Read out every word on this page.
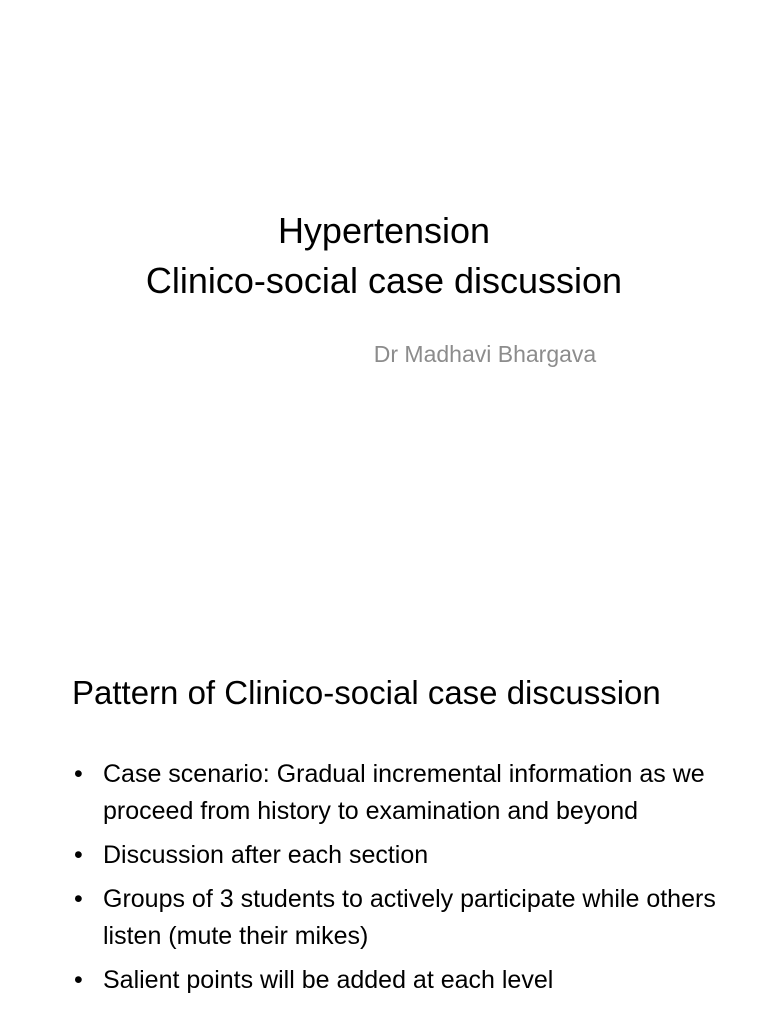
Hypertension
Clinico-social case discussion
Dr Madhavi Bhargava
Pattern of Clinico-social case discussion
• Case scenario: Gradual incremental information as we proceed from history to examination and beyond
• Discussion after each section
• Groups of 3 students to actively participate while others listen (mute their mikes)
• Salient points will be added at each level
